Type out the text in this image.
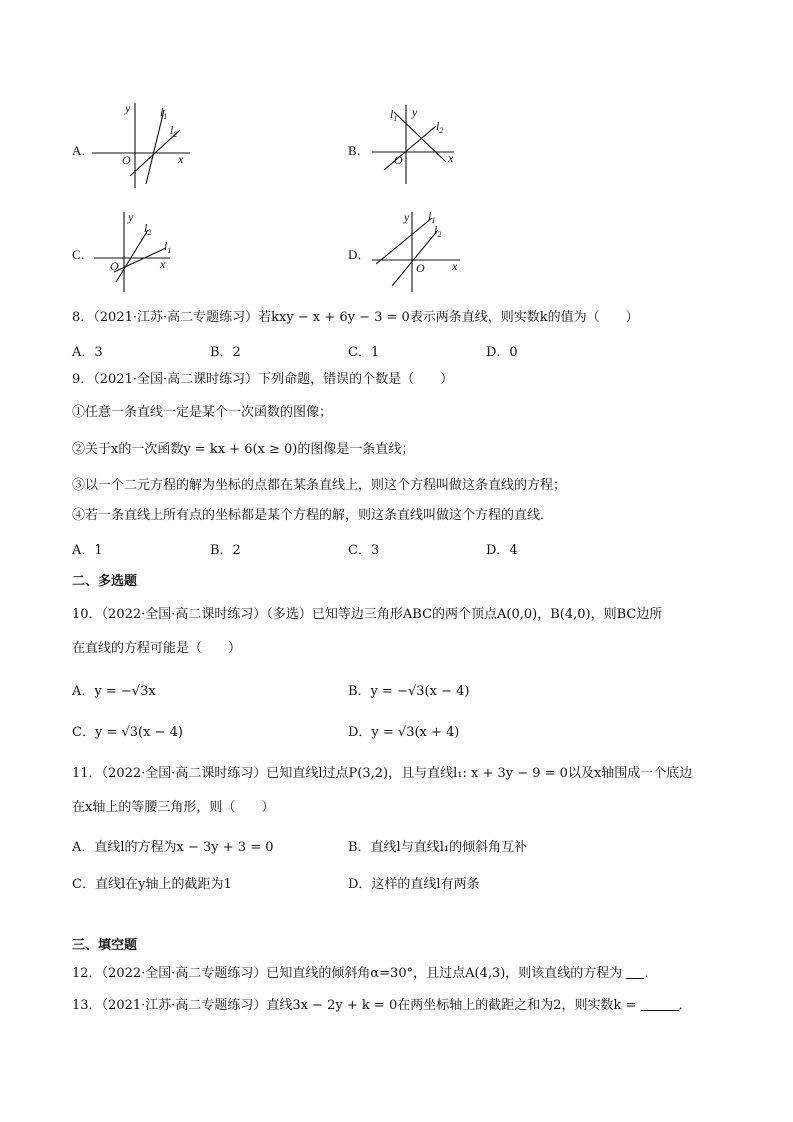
A．	B．
C．	D．
y
x
O
$l_1$
$l_2$
y
x
O
$l_1$
$l_2$
y
x
O
$l_1$
$l_2$
y
x
O
$l_1$
$l_2$
8．（2021·江苏·高二专题练习）若kxy − x + 6y − 3 = 0表示两条直线，则实数k的值为（　　）
A．3	B．2	C．1	D．0
9．（2021·全国·高二课时练习）下列命题，错误的个数是（　　）
①任意一条直线一定是某个一次函数的图像；
②关于x的一次函数y = kx + 6(x ≥ 0)的图像是一条直线；
③以一个二元方程的解为坐标的点都在某条直线上，则这个方程叫做这条直线的方程；
④若一条直线上所有点的坐标都是某个方程的解，则这条直线叫做这个方程的直线．
A．1	B．2	C．3	D．4
二、多选题
10．（2022·全国·高二课时练习）（多选）已知等边三角形ABC的两个顶点A(0,0)，B(4,0)，则BC边所
在直线的方程可能是（　　）
A．y = −√3x	B．y = −√3(x − 4)
C．y = √3(x − 4)	D．y = √3(x + 4)
11．（2022·全国·高二课时练习）已知直线l过点P(3,2)，且与直线l₁: x + 3y − 9 = 0以及x轴围成一个底边
在x轴上的等腰三角形，则（　　）
A．直线l的方程为x − 3y + 3 = 0	B．直线l与直线l₁的倾斜角互补
C．直线l在y轴上的截距为1	D．这样的直线l有两条
三、填空题
12．（2022·全国·高二专题练习）已知直线的倾斜角α=30°，且过点A(4,3)，则该直线的方程为 ．
13．（2021·江苏·高二专题练习）直线3x − 2y + k = 0在两坐标轴上的截距之和为2，则实数k =	．
